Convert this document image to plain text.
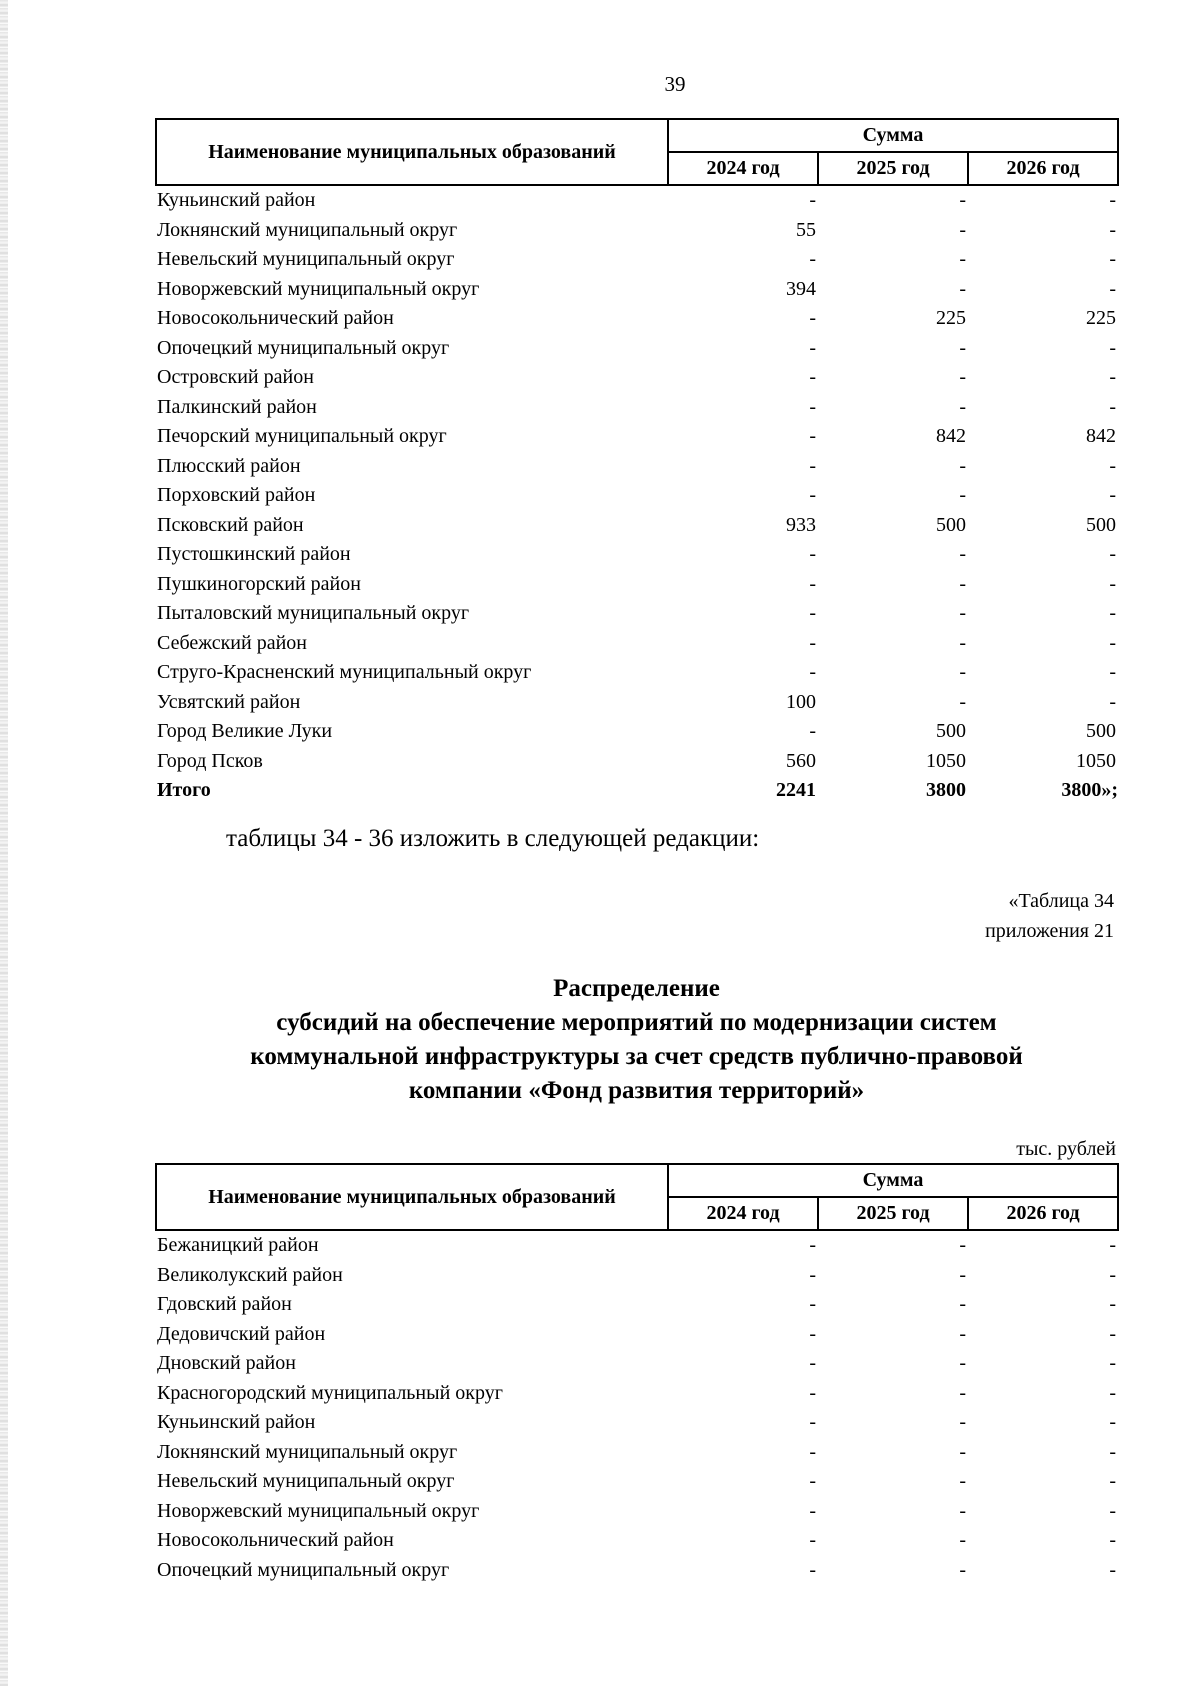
39
Наименование муниципальных образований	Сумма		
	2024 год	2025 год	2026 год
Куньинский район	-	-	-
Локнянский муниципальный округ	55	-	-
Невельский муниципальный округ	-	-	-
Новоржевский муниципальный округ	394	-	-
Новосокольнический район	-	225	225
Опочецкий муниципальный округ	-	-	-
Островский район	-	-	-
Палкинский район	-	-	-
Печорский муниципальный округ	-	842	842
Плюсский район	-	-	-
Порховский район	-	-	-
Псковский район	933	500	500
Пустошкинский район	-	-	-
Пушкиногорский район	-	-	-
Пыталовский муниципальный округ	-	-	-
Себежский район	-	-	-
Струго-Красненский муниципальный округ	-	-	-
Усвятский район	100	-	-
Город Великие Луки	-	500	500
Город Псков	560	1050	1050
Итого	2241	3800	3800»;
таблицы 34 - 36 изложить в следующей редакции:
«Таблица 34
приложения 21
Распределение
субсидий на обеспечение мероприятий по модернизации систем
коммунальной инфраструктуры за счет средств публично-правовой
компании «Фонд развития территорий»
тыс. рублей
Наименование муниципальных образований	Сумма		
	2024 год	2025 год	2026 год
Бежаницкий район	-	-	-
Великолукский район	-	-	-
Гдовский район	-	-	-
Дедовичский район	-	-	-
Дновский район	-	-	-
Красногородский муниципальный округ	-	-	-
Куньинский район	-	-	-
Локнянский муниципальный округ	-	-	-
Невельский муниципальный округ	-	-	-
Новоржевский муниципальный округ	-	-	-
Новосокольнический район	-	-	-
Опочецкий муниципальный округ	-	-	-
